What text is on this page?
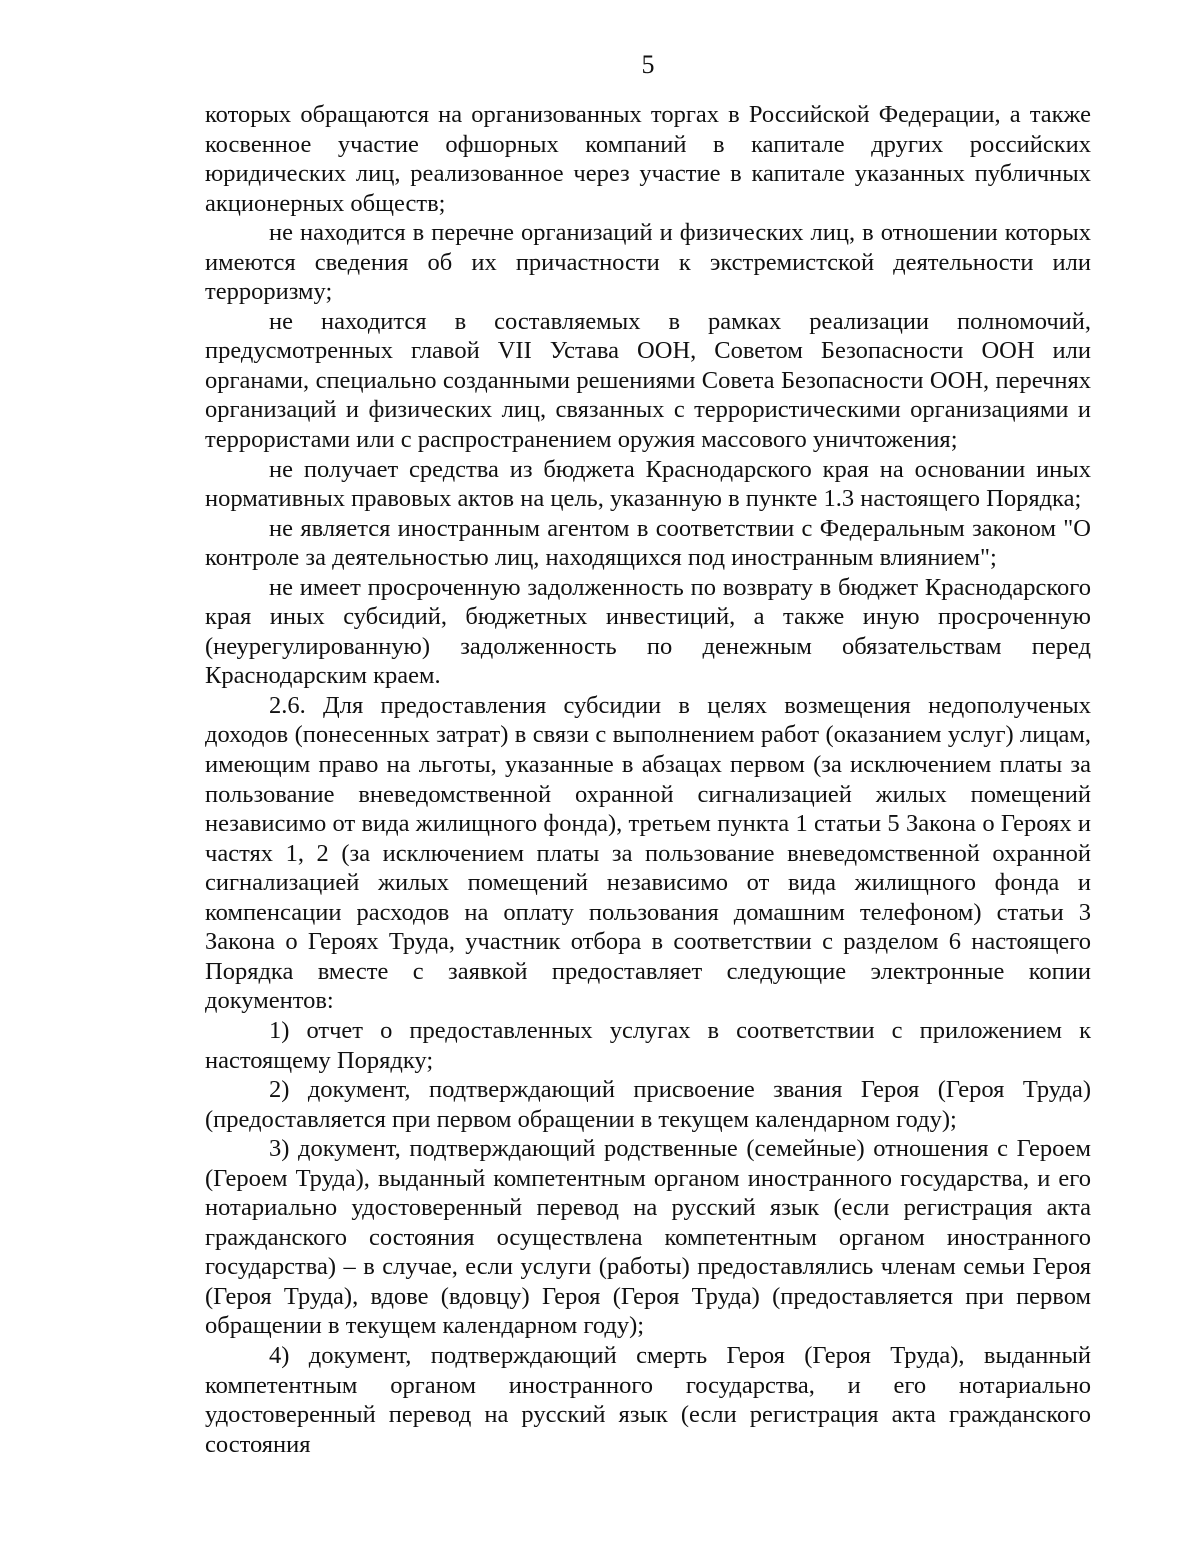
5

которых обращаются на организованных торгах в Российской Федерации, а также косвенное участие офшорных компаний в капитале других российских юридических лиц, реализованное через участие в капитале указанных публичных акционерных обществ;

не находится в перечне организаций и физических лиц, в отношении которых имеются сведения об их причастности к экстремистской деятельности или терроризму;

не находится в составляемых в рамках реализации полномочий, предусмотренных главой VII Устава ООН, Советом Безопасности ООН или органами, специально созданными решениями Совета Безопасности ООН, перечнях организаций и физических лиц, связанных с террористическими организациями и террористами или с распространением оружия массового уничтожения;

не получает средства из бюджета Краснодарского края на основании иных нормативных правовых актов на цель, указанную в пункте 1.3 настоящего Порядка;

не является иностранным агентом в соответствии с Федеральным законом "О контроле за деятельностью лиц, находящихся под иностранным влиянием";

не имеет просроченную задолженность по возврату в бюджет Краснодарского края иных субсидий, бюджетных инвестиций, а также иную просроченную (неурегулированную) задолженность по денежным обязательствам перед Краснодарским краем.

2.6. Для предоставления субсидии в целях возмещения недополученых доходов (понесенных затрат) в связи с выполнением работ (оказанием услуг) лицам, имеющим право на льготы, указанные в абзацах первом (за исключением платы за пользование вневедомственной охранной сигнализацией жилых помещений независимо от вида жилищного фонда), третьем пункта 1 статьи 5 Закона о Героях и частях 1, 2 (за исключением платы за пользование вневедомственной охранной сигнализацией жилых помещений независимо от вида жилищного фонда и компенсации расходов на оплату пользования домашним телефоном) статьи 3 Закона о Героях Труда, участник отбора в соответствии с разделом 6 настоящего Порядка вместе с заявкой предоставляет следующие электронные копии документов:

1) отчет о предоставленных услугах в соответствии с приложением к настоящему Порядку;

2) документ, подтверждающий присвоение звания Героя (Героя Труда) (предоставляется при первом обращении в текущем календарном году);

3) документ, подтверждающий родственные (семейные) отношения с Героем (Героем Труда), выданный компетентным органом иностранного государства, и его нотариально удостоверенный перевод на русский язык (если регистрация акта гражданского состояния осуществлена компетентным органом иностранного государства) – в случае, если услуги (работы) предоставлялись членам семьи Героя (Героя Труда), вдове (вдовцу) Героя (Героя Труда) (предоставляется при первом обращении в текущем календарном году);

4) документ, подтверждающий смерть Героя (Героя Труда), выданный компетентным органом иностранного государства, и его нотариально удостоверенный перевод на русский язык (если регистрация акта гражданского состояния
